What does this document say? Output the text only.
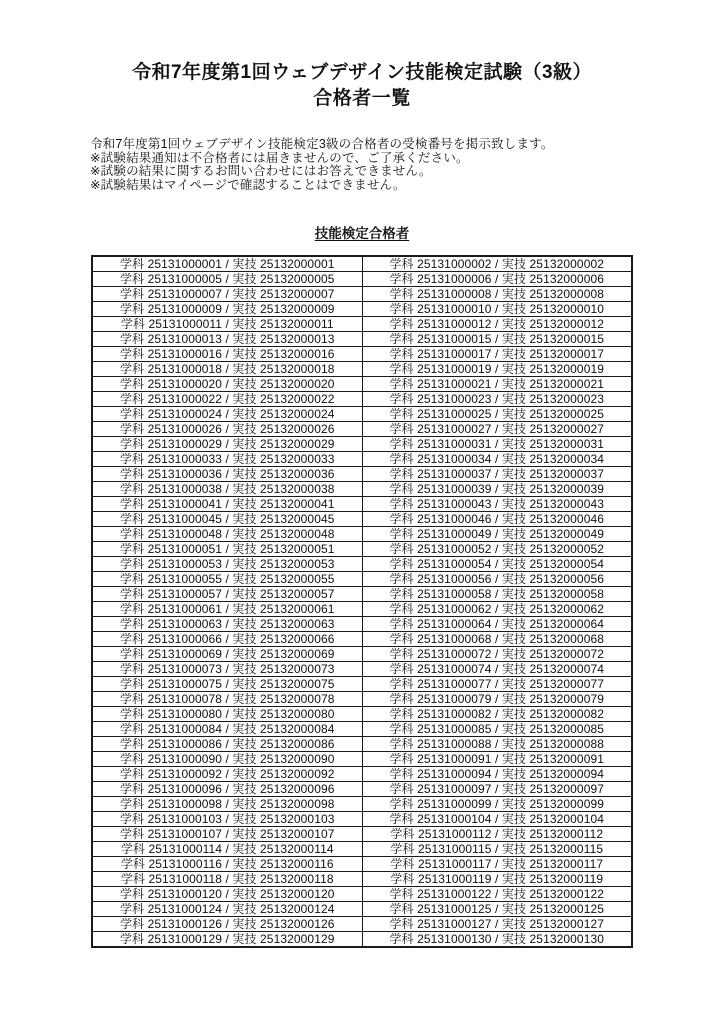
令和7年度第1回ウェブデザイン技能検定試験（3級）
合格者一覧
令和7年度第1回ウェブデザイン技能検定3級の合格者の受検番号を掲示致します。
※試験結果通知は不合格者には届きませんので、ご了承ください。
※試験の結果に関するお問い合わせにはお答えできません。
※試験結果はマイページで確認することはできません。
技能検定合格者
学科 25131000001 / 実技 25132000001	学科 25131000002 / 実技 25132000002
学科 25131000005 / 実技 25132000005	学科 25131000006 / 実技 25132000006
学科 25131000007 / 実技 25132000007	学科 25131000008 / 実技 25132000008
学科 25131000009 / 実技 25132000009	学科 25131000010 / 実技 25132000010
学科 25131000011 / 実技 25132000011	学科 25131000012 / 実技 25132000012
学科 25131000013 / 実技 25132000013	学科 25131000015 / 実技 25132000015
学科 25131000016 / 実技 25132000016	学科 25131000017 / 実技 25132000017
学科 25131000018 / 実技 25132000018	学科 25131000019 / 実技 25132000019
学科 25131000020 / 実技 25132000020	学科 25131000021 / 実技 25132000021
学科 25131000022 / 実技 25132000022	学科 25131000023 / 実技 25132000023
学科 25131000024 / 実技 25132000024	学科 25131000025 / 実技 25132000025
学科 25131000026 / 実技 25132000026	学科 25131000027 / 実技 25132000027
学科 25131000029 / 実技 25132000029	学科 25131000031 / 実技 25132000031
学科 25131000033 / 実技 25132000033	学科 25131000034 / 実技 25132000034
学科 25131000036 / 実技 25132000036	学科 25131000037 / 実技 25132000037
学科 25131000038 / 実技 25132000038	学科 25131000039 / 実技 25132000039
学科 25131000041 / 実技 25132000041	学科 25131000043 / 実技 25132000043
学科 25131000045 / 実技 25132000045	学科 25131000046 / 実技 25132000046
学科 25131000048 / 実技 25132000048	学科 25131000049 / 実技 25132000049
学科 25131000051 / 実技 25132000051	学科 25131000052 / 実技 25132000052
学科 25131000053 / 実技 25132000053	学科 25131000054 / 実技 25132000054
学科 25131000055 / 実技 25132000055	学科 25131000056 / 実技 25132000056
学科 25131000057 / 実技 25132000057	学科 25131000058 / 実技 25132000058
学科 25131000061 / 実技 25132000061	学科 25131000062 / 実技 25132000062
学科 25131000063 / 実技 25132000063	学科 25131000064 / 実技 25132000064
学科 25131000066 / 実技 25132000066	学科 25131000068 / 実技 25132000068
学科 25131000069 / 実技 25132000069	学科 25131000072 / 実技 25132000072
学科 25131000073 / 実技 25132000073	学科 25131000074 / 実技 25132000074
学科 25131000075 / 実技 25132000075	学科 25131000077 / 実技 25132000077
学科 25131000078 / 実技 25132000078	学科 25131000079 / 実技 25132000079
学科 25131000080 / 実技 25132000080	学科 25131000082 / 実技 25132000082
学科 25131000084 / 実技 25132000084	学科 25131000085 / 実技 25132000085
学科 25131000086 / 実技 25132000086	学科 25131000088 / 実技 25132000088
学科 25131000090 / 実技 25132000090	学科 25131000091 / 実技 25132000091
学科 25131000092 / 実技 25132000092	学科 25131000094 / 実技 25132000094
学科 25131000096 / 実技 25132000096	学科 25131000097 / 実技 25132000097
学科 25131000098 / 実技 25132000098	学科 25131000099 / 実技 25132000099
学科 25131000103 / 実技 25132000103	学科 25131000104 / 実技 25132000104
学科 25131000107 / 実技 25132000107	学科 25131000112 / 実技 25132000112
学科 25131000114 / 実技 25132000114	学科 25131000115 / 実技 25132000115
学科 25131000116 / 実技 25132000116	学科 25131000117 / 実技 25132000117
学科 25131000118 / 実技 25132000118	学科 25131000119 / 実技 25132000119
学科 25131000120 / 実技 25132000120	学科 25131000122 / 実技 25132000122
学科 25131000124 / 実技 25132000124	学科 25131000125 / 実技 25132000125
学科 25131000126 / 実技 25132000126	学科 25131000127 / 実技 25132000127
学科 25131000129 / 実技 25132000129	学科 25131000130 / 実技 25132000130
